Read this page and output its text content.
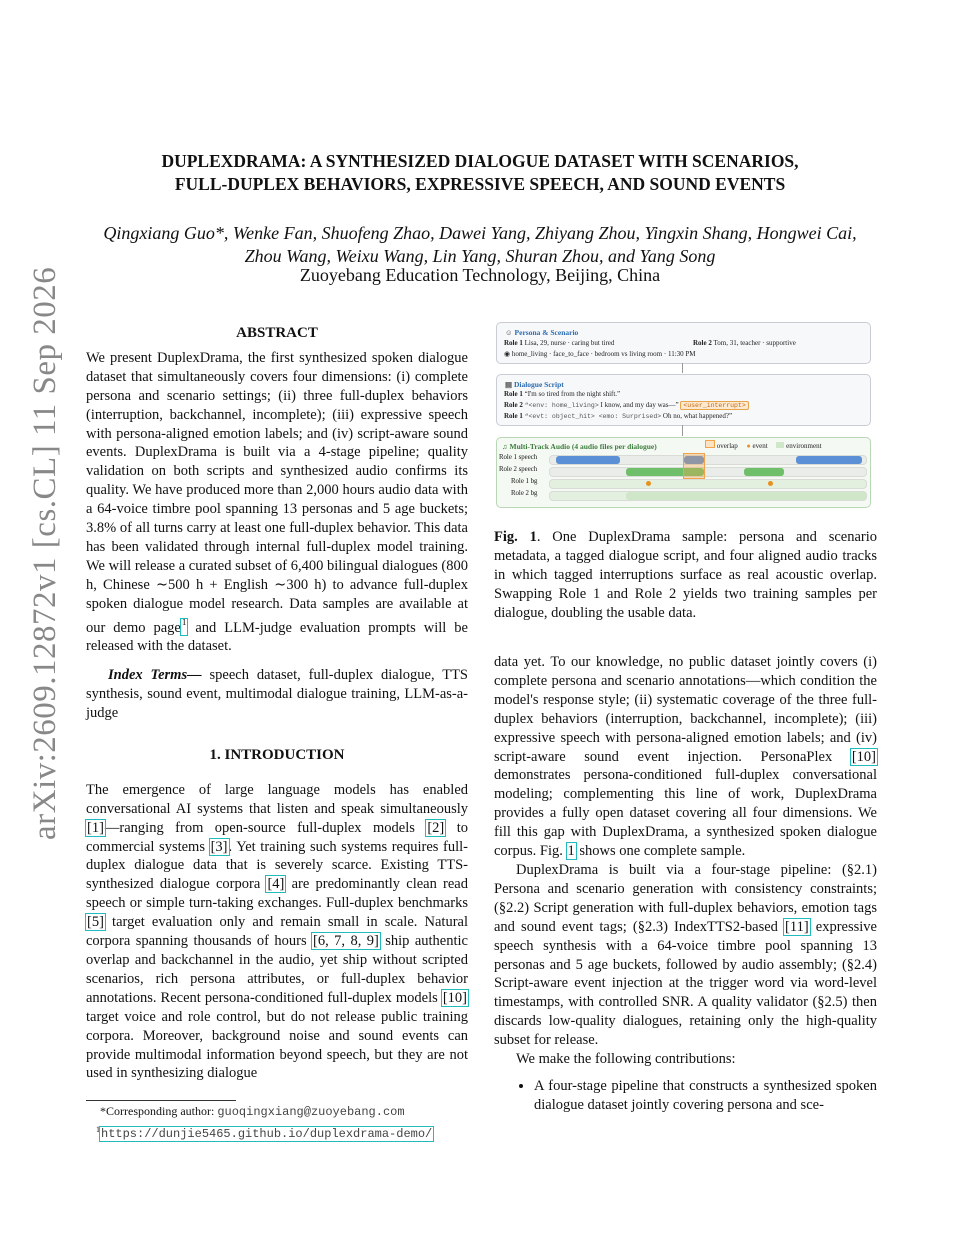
arXiv:2609.12872v1 [cs.CL] 11 Sep 2026
DUPLEXDRAMA: A SYNTHESIZED DIALOGUE DATASET WITH SCENARIOS,
FULL-DUPLEX BEHAVIORS, EXPRESSIVE SPEECH, AND SOUND EVENTS
Qingxiang Guo*, Wenke Fan, Shuofeng Zhao, Dawei Yang, Zhiyang Zhou, Yingxin Shang, Hongwei Cai,
Zhou Wang, Weixu Wang, Lin Yang, Shuran Zhou, and Yang Song
Zuoyebang Education Technology, Beijing, China
ABSTRACT

We present DuplexDrama, the first synthesized spoken dialogue dataset that simultaneously covers four dimensions: (i) complete persona and scenario settings; (ii) three full-duplex behaviors (interruption, backchannel, incomplete); (iii) expressive speech with persona-aligned emotion labels; and (iv) script-aware sound events. DuplexDrama is built via a 4-stage pipeline; quality validation on both scripts and synthesized audio confirms its quality. We have produced more than 2,000 hours audio data with a 64-voice timbre pool spanning 13 personas and 5 age buckets; 3.8% of all turns carry at least one full-duplex behavior. This data has been validated through internal full-duplex model training. We will release a curated subset of 6,400 bilingual dialogues (800 h, Chinese ∼500 h + English ∼300 h) to advance full-duplex spoken dialogue model research. Data samples are available at our demo page$^1$ and LLM-judge evaluation prompts will be released with the dataset.

Index Terms— speech dataset, full-duplex dialogue, TTS synthesis, sound event, multimodal dialogue training, LLM-as-a-judge

1. INTRODUCTION

The emergence of large language models has enabled conversational AI systems that listen and speak simultaneously [1]—ranging from open-source full-duplex models [2] to commercial systems [3]. Yet training such systems requires full-duplex dialogue data that is severely scarce. Existing TTS-synthesized dialogue corpora [4] are predominantly clean read speech or simple turn-taking exchanges. Full-duplex benchmarks [5] target evaluation only and remain small in scale. Natural corpora spanning thousands of hours [6, 7, 8, 9] ship authentic overlap and backchannel in the audio, yet ship without scripted scenarios, rich persona attributes, or full-duplex behavior annotations. Recent persona-conditioned full-duplex models [10] target voice and role control, but do not release public training corpora. Moreover, background noise and sound events can provide multimodal information beyond speech, but they are not used in synthesizing dialogue

*Corresponding author: guoqingxiang@zuoyebang.com
$^1$https://dunjie5465.github.io/duplexdrama-demo/
☺ Persona & Scenario
Role 1 Lisa, 29, nurse · caring but tired	Role 2 Tom, 31, teacher · supportive
◉ home_living · face_to_face · bedroom vs living room · 11:30 PM
▤ Dialogue Script
Role 1 “I'm so tired from the night shift.”
Role 2 “<env: home_living> I know, and my day was—” <user_interrupt>
Role 1 “<evt: object_hit> <emo: Surprised> Oh no, what happened?”
♫ Multi-Track Audio (4 audio files per dialogue)	overlap ● event	environment
Role 1 speech
Role 2 speech
Role 1 bg
Role 2 bg
Fig. 1. One DuplexDrama sample: persona and scenario metadata, a tagged dialogue script, and four aligned audio tracks in which tagged interruptions surface as real acoustic overlap. Swapping Role 1 and Role 2 yields two training samples per dialogue, doubling the usable data.

data yet. To our knowledge, no public dataset jointly covers (i) complete persona and scenario annotations—which condition the model's response style; (ii) systematic coverage of the three full-duplex behaviors (interruption, backchannel, incomplete); (iii) expressive speech with persona-aligned emotion labels; and (iv) script-aware sound event injection. PersonaPlex [10] demonstrates persona-conditioned full-duplex conversational modeling; complementing this line of work, DuplexDrama provides a fully open dataset covering all four dimensions. We fill this gap with DuplexDrama, a synthesized spoken dialogue corpus. Fig. 1 shows one complete sample.

DuplexDrama is built via a four-stage pipeline: (§2.1) Persona and scenario generation with consistency constraints; (§2.2) Script generation with full-duplex behaviors, emotion tags and sound event tags; (§2.3) IndexTTS2-based [11] expressive speech synthesis with a 64-voice timbre pool spanning 13 personas and 5 age buckets, followed by audio assembly; (§2.4) Script-aware event injection at the trigger word via word-level timestamps, with controlled SNR. A quality validator (§2.5) then discards low-quality dialogues, retaining only the high-quality subset for release.

We make the following contributions:

• A four-stage pipeline that constructs a synthesized spoken dialogue dataset jointly covering persona and sce-
